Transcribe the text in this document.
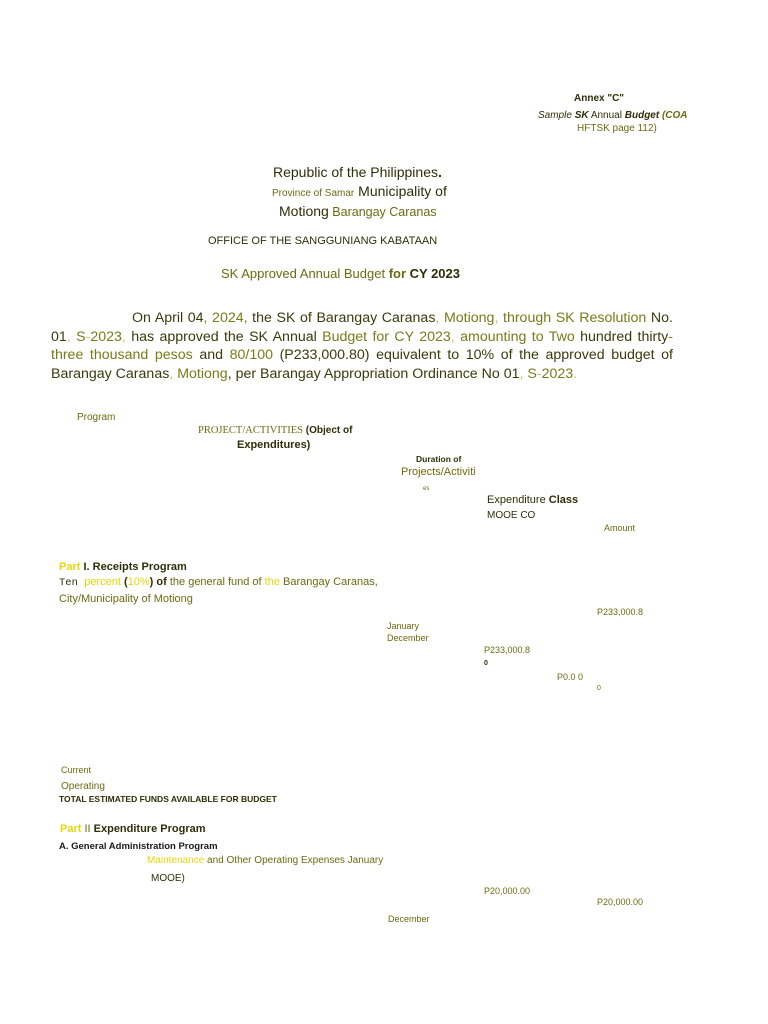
Annex "C"
Sample SK Annual Budget (COA
HFTSK page 112)
Republic of the Philippines.
Province of Samar Municipality of
Motiong Barangay Caranas
OFFICE OF THE SANGGUNIANG KABATAAN
SK Approved Annual Budget for CY 2023
On April 04, 2024, the SK of Barangay Caranas, Motiong, through SK Resolution No. 01, S-2023, has approved the SK Annual Budget for CY 2023, amounting to Two hundred thirty-three thousand pesos and 80/100 (P233,000.80) equivalent to 10% of the approved budget of Barangay Caranas, Motiong, per Barangay Appropriation Ordinance No 01, S-2023.
Program
PROJECT/ACTIVITIES (Object of
Expenditures)
Duration of
Projects/Activiti
es
Expenditure Class
MOOE CO
Amount
Part I. Receipts Program
Ten percent (10%) of the general fund of the Barangay Caranas,
City/Municipality of Motiong
P233,000.8
January
December
P233,000.8
0
P0.0 0
0
Current
Operating
TOTAL ESTIMATED FUNDS AVAILABLE FOR BUDGET
Part II Expenditure Program
A. General Administration Program
Maintenance and Other Operating Expenses January
MOOE)
P20,000.00
P20,000.00
December
